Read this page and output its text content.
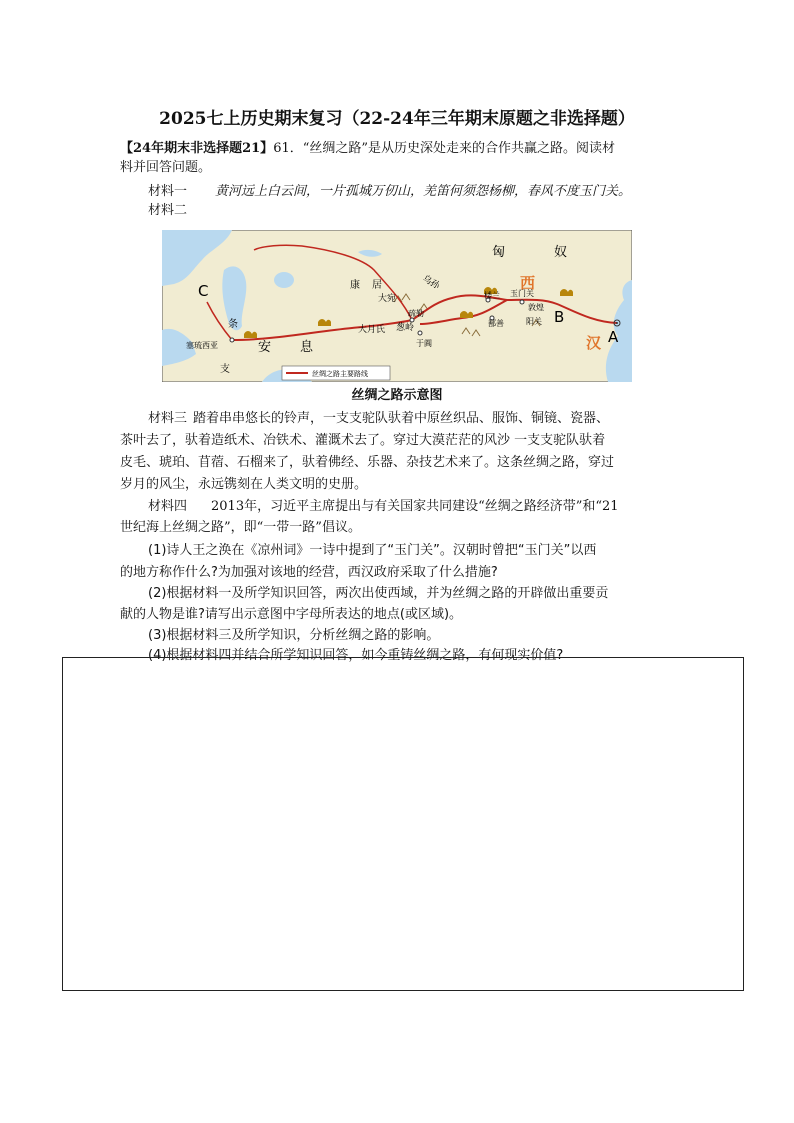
2025七上历史期末复习（22-24年三年期末原题之非选择题）
【24年期末非选择题21】61．“丝绸之路”是从历史深处走来的合作共赢之路。阅读材
料并回答问题。
材料一 黄河远上白云间，一片孤城万仞山，羌笛何须怨杨柳，春风不度玉门关。
材料二
匈	奴
康 居
大宛
乌孙	西
汉
楼兰 玉门关
敦煌
阳关
疏勒
葱岭
大月氏
鄯善
于阗
条
安 息
支
塞琉西亚	A
B
C
丝绸之路主要路线
丝绸之路示意图
材料三 踏着串串悠长的铃声，一支支驼队驮着中原丝织品、服饰、铜镜、瓷器、
茶叶去了，驮着造纸术、冶铁术、灌溉术去了。穿过大漠茫茫的风沙 一支支驼队驮着
皮毛、琥珀、苜蓿、石榴来了，驮着佛经、乐器、杂技艺术来了。这条丝绸之路，穿过
岁月的风尘，永远镌刻在人类文明的史册。
材料四 2013年，习近平主席提出与有关国家共同建设“丝绸之路经济带”和“21
世纪海上丝绸之路”，即“一带一路”倡议。
(1)诗人王之涣在《凉州词》一诗中提到了“玉门关”。汉朝时曾把“玉门关”以西
的地方称作什么?为加强对该地的经营，西汉政府采取了什么措施?
(2)根据材料一及所学知识回答，两次出使西域，并为丝绸之路的开辟做出重要贡
献的人物是谁?请写出示意图中字母所表达的地点(或区域)。
(3)根据材料三及所学知识，分析丝绸之路的影响。
(4)根据材料四并结合所学知识回答，如今重铸丝绸之路，有何现实价值?
